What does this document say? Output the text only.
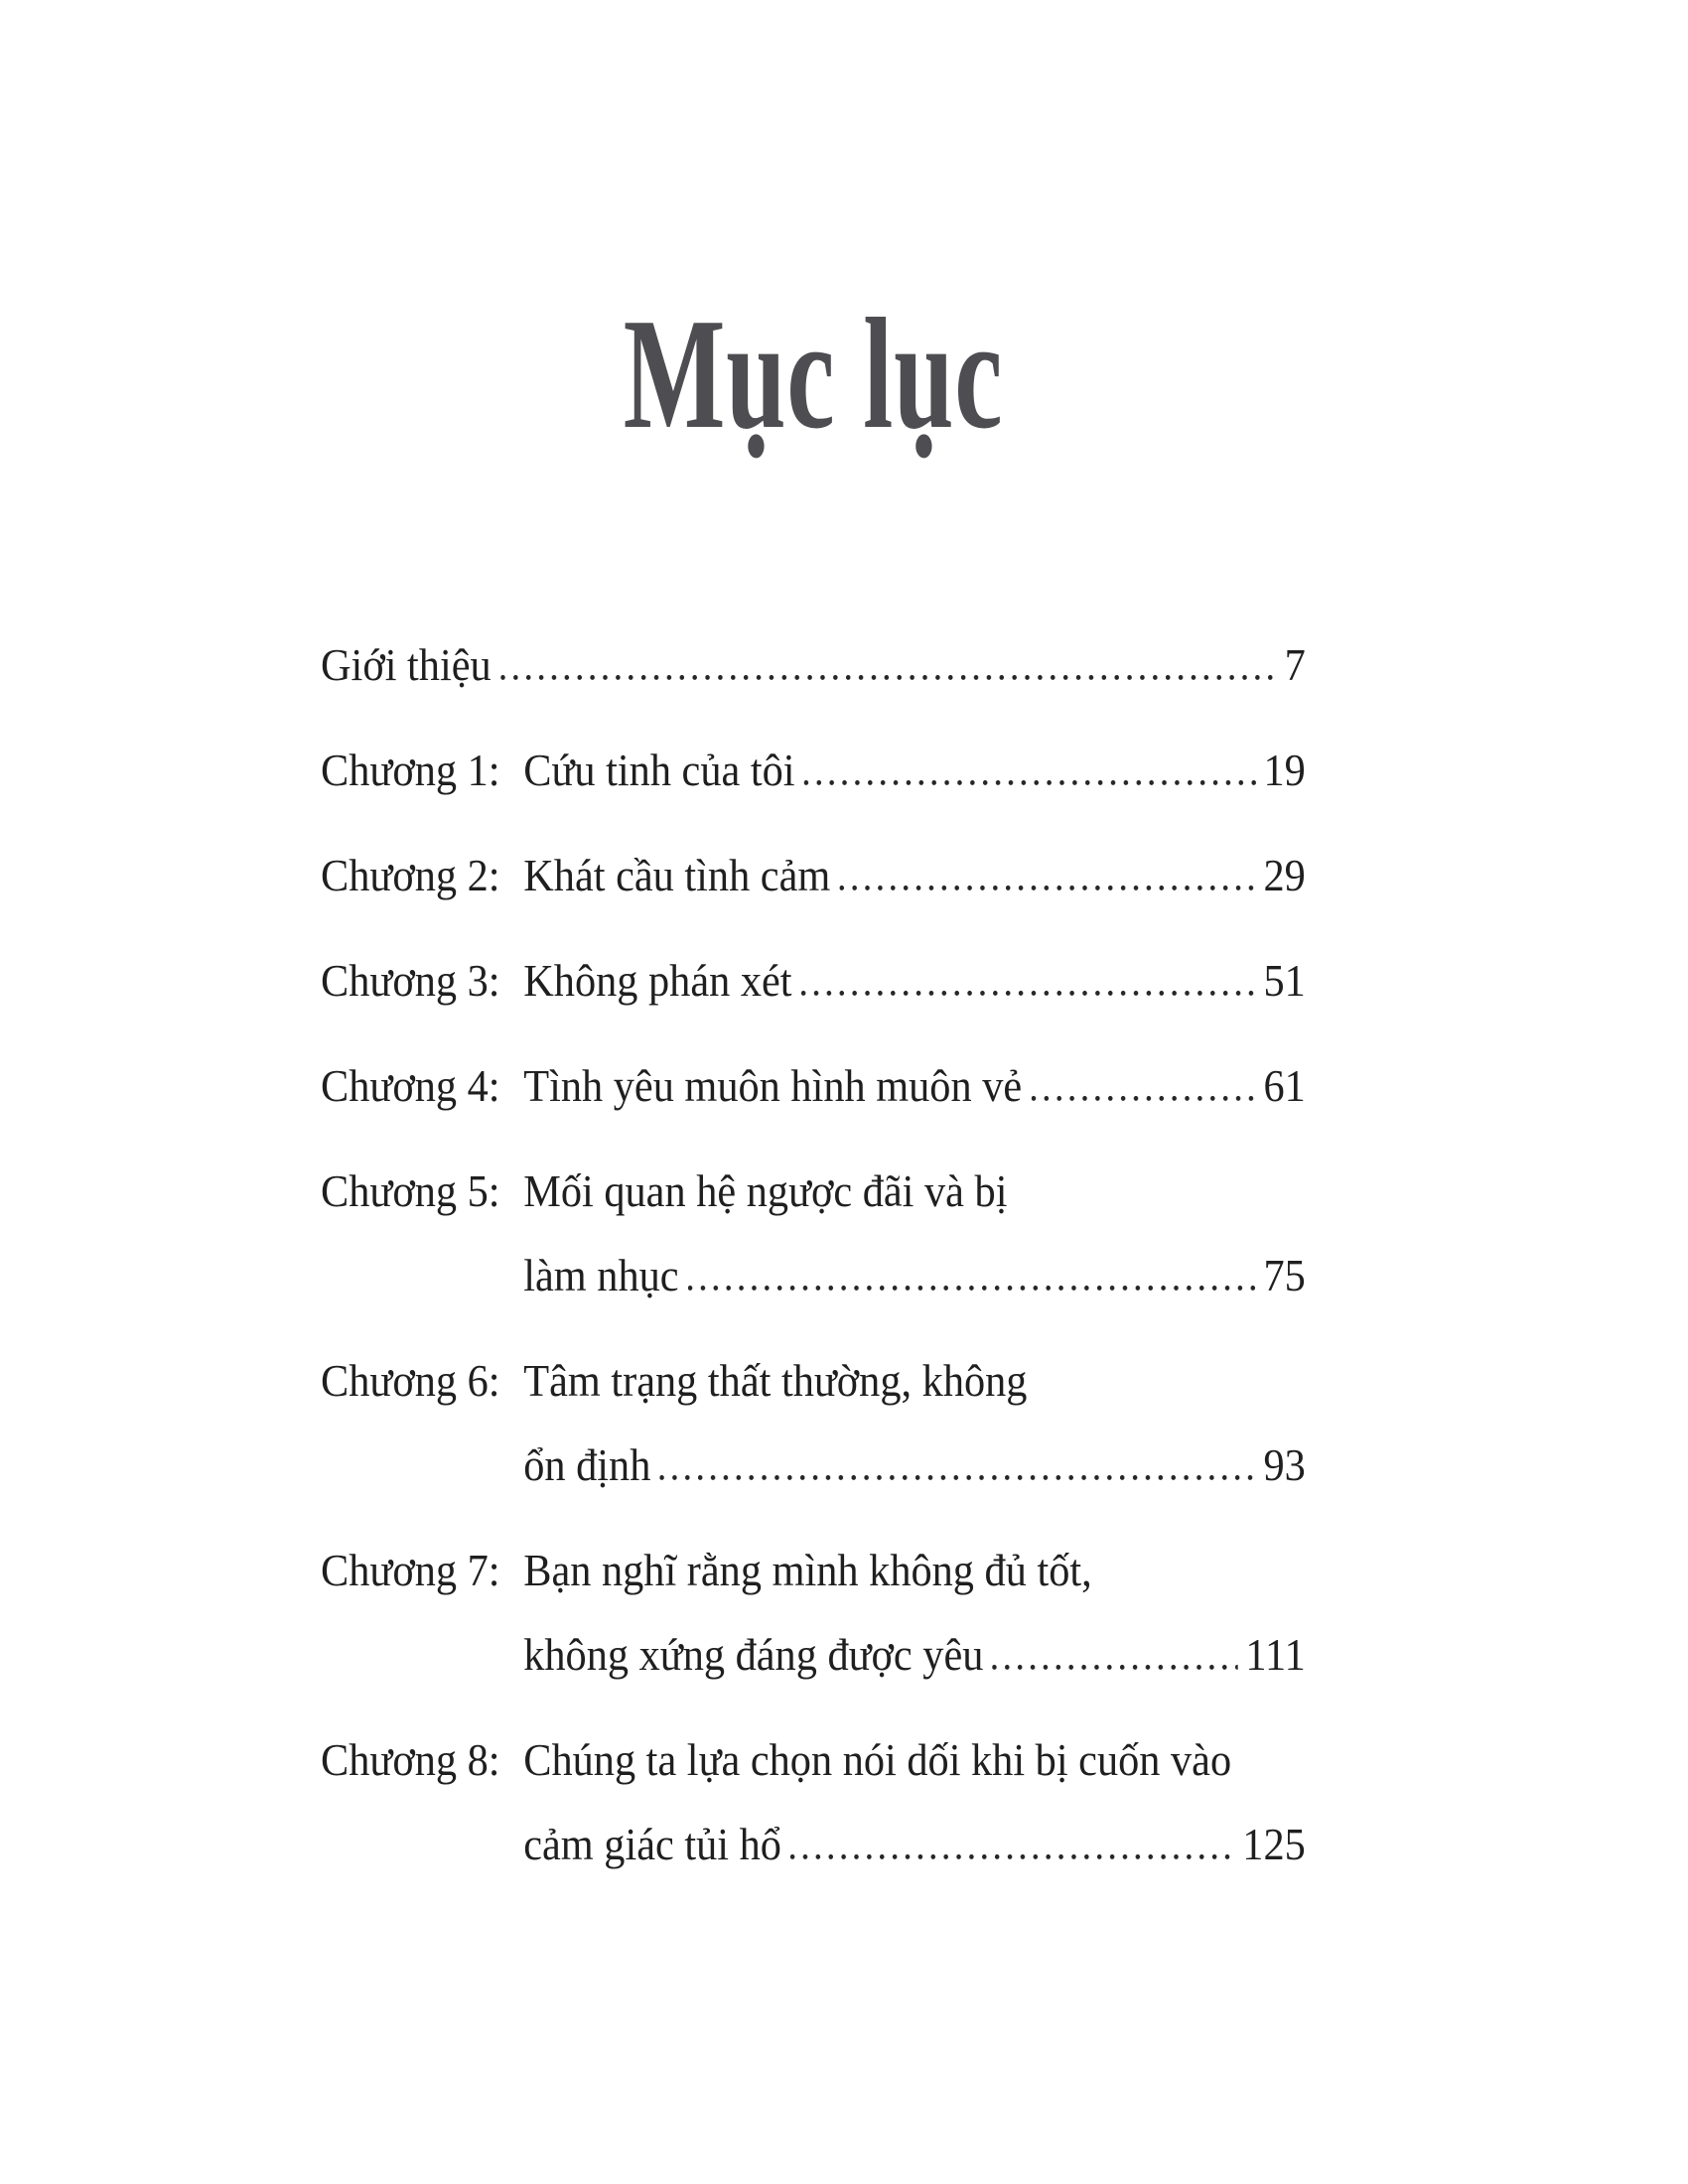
Mục lục
Giới thiệu	7
Chương 1: Cứu tinh của tôi	19
Chương 2: Khát cầu tình cảm	29
Chương 3: Không phán xét	51
Chương 4: Tình yêu muôn hình muôn vẻ	61
Chương 5: Mối quan hệ ngược đãi và bị
làm nhục	75
Chương 6: Tâm trạng thất thường, không
ổn định	93
Chương 7: Bạn nghĩ rằng mình không đủ tốt,
không xứng đáng được yêu	111
Chương 8: Chúng ta lựa chọn nói dối khi bị cuốn vào
cảm giác tủi hổ	125
